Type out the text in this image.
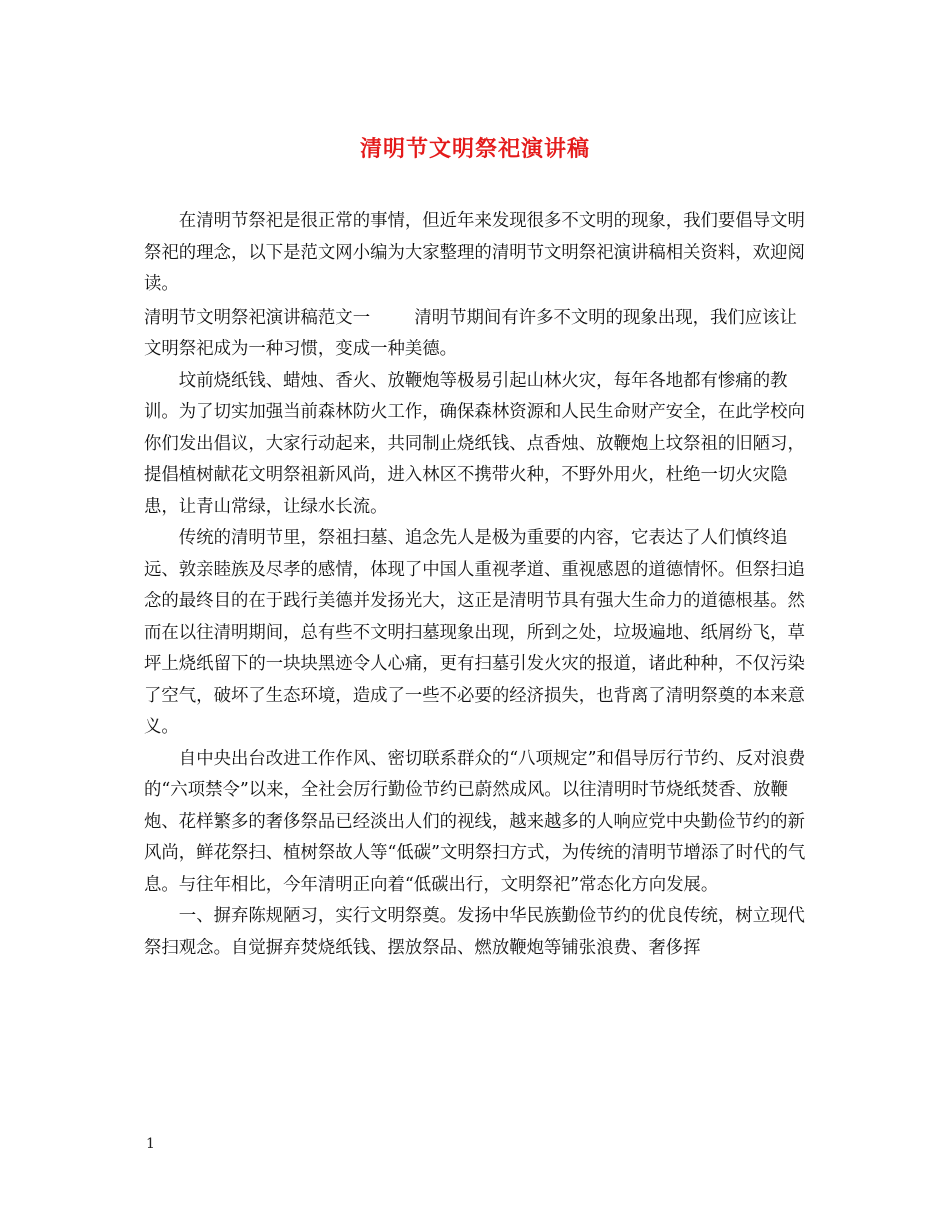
清明节文明祭祀演讲稿

在清明节祭祀是很正常的事情，但近年来发现很多不文明的现象，我们要倡导文明祭祀的理念，以下是范文网小编为大家整理的清明节文明祭祀演讲稿相关资料，欢迎阅读。

清明节文明祭祀演讲稿范文一	清明节期间有许多不文明的现象出现，我们应该让文明祭祀成为一种习惯，变成一种美德。

坟前烧纸钱、蜡烛、香火、放鞭炮等极易引起山林火灾，每年各地都有惨痛的教训。为了切实加强当前森林防火工作，确保森林资源和人民生命财产安全，在此学校向你们发出倡议，大家行动起来，共同制止烧纸钱、点香烛、放鞭炮上坟祭祖的旧陋习，提倡植树献花文明祭祖新风尚，进入林区不携带火种，不野外用火，杜绝一切火灾隐患，让青山常绿，让绿水长流。

传统的清明节里，祭祖扫墓、追念先人是极为重要的内容，它表达了人们慎终追远、敦亲睦族及尽孝的感情，体现了中国人重视孝道、重视感恩的道德情怀。但祭扫追念的最终目的在于践行美德并发扬光大，这正是清明节具有强大生命力的道德根基。然而在以往清明期间，总有些不文明扫墓现象出现，所到之处，垃圾遍地、纸屑纷飞，草坪上烧纸留下的一块块黑迹令人心痛，更有扫墓引发火灾的报道，诸此种种，不仅污染了空气，破坏了生态环境，造成了一些不必要的经济损失，也背离了清明祭奠的本来意义。

自中央出台改进工作作风、密切联系群众的“八项规定”和倡导厉行节约、反对浪费的“六项禁令”以来，全社会厉行勤俭节约已蔚然成风。以往清明时节烧纸焚香、放鞭炮、花样繁多的奢侈祭品已经淡出人们的视线，越来越多的人响应党中央勤俭节约的新风尚，鲜花祭扫、植树祭故人等“低碳”文明祭扫方式，为传统的清明节增添了时代的气息。与往年相比，今年清明正向着“低碳出行，文明祭祀”常态化方向发展。

一、摒弃陈规陋习，实行文明祭奠。发扬中华民族勤俭节约的优良传统，树立现代祭扫观念。自觉摒弃焚烧纸钱、摆放祭品、燃放鞭炮等铺张浪费、奢侈挥

1
